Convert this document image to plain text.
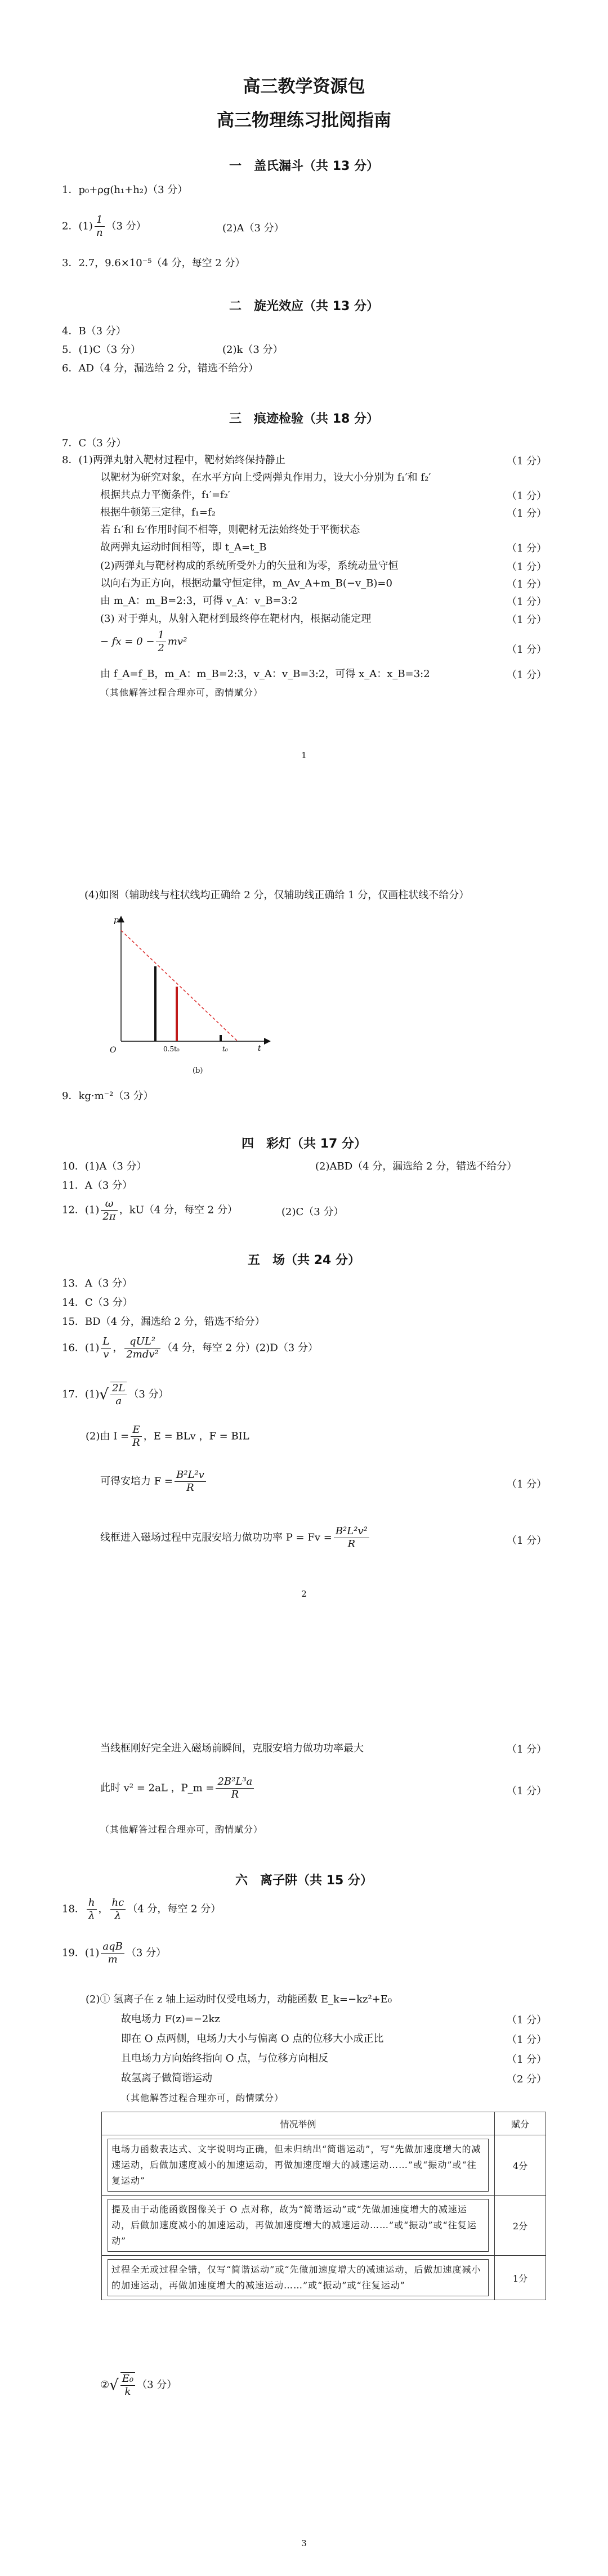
高三教学资源包
高三物理练习批阅指南
一　盖氏漏斗（共 13 分）
1．p₀+ρg(h₁+h₂)（3 分）
2．$(1) \frac{1}{n} (3$ 分）	(2)A（3 分）
3．2.7，9.6×10⁻⁵（4 分，每空 2 分）
二　旋光效应（共 13 分）
4．B（3 分）
5．(1)C（3 分）	(2)k（3 分）
6．AD（4 分，漏选给 2 分，错选不给分）
三　痕迹检验（共 18 分）
7．C（3 分）
8．(1)两弹丸射入靶材过程中，靶材始终保持静止	（1 分）
以靶材为研究对象，在水平方向上受两弹丸作用力，设大小分别为 f₁′和 f₂′
根据共点力平衡条件，f₁′=f₂′	（1 分）
根据牛顿第三定律，f₁=f₂	（1 分）
若 f₁′和 f₂′作用时间不相等，则靶材无法始终处于平衡状态
故两弹丸运动时间相等，即 t_A=t_B	（1 分）
(2)两弹丸与靶材构成的系统所受外力的矢量和为零，系统动量守恒	（1 分）
以向右为正方向，根据动量守恒定律，m_Av_A+m_B(−v_B)=0	（1 分）
由 m_A：m_B=2:3，可得 v_A：v_B=3:2	（1 分）
(3) 对于弹丸，从射入靶材到最终停在靶材内，根据动能定理	（1 分）
− fx = $0 - \frac{1}{2} mv^2$
（1 分）
由 f_A=f_B，m_A：m_B=2:3，v_A：v_B=3:2，可得 x_A：x_B=3:2	（1 分）
（其他解答过程合理亦可，酌情赋分）
1
(4)如图（辅助线与柱状线均正确给 2 分，仅辅助线正确给 1 分，仅画柱状线不给分）
p
O	t
0.5t₀	t₀
(b)
9．kg·m⁻²（3 分）
四　彩灯（共 17 分）
10．(1)A（3 分）	(2)ABD（4 分，漏选给 2 分，错选不给分）
11．A（3 分）
12．$(1) \frac{\omega}{2\pi}$ ，kU（4 分，每空 2 分）	(2)C（3 分）
五　场（共 24 分）
13．A（3 分）
14．C（3 分）
15．BD（4 分，漏选给 2 分，错选不给分）
16．$(1) \frac{L}{v}$ ， $\frac{\text{qUL²}}{\text{2mdv²}} (4$ 分，每空 2 分）(2)D（3 分）
17．$(1)√ \frac{2L}{a} (3$ 分）
(2)由 $I = \frac{E}{R}$ ，E = BLv ，F = BIL
可得安培力 $F = \frac{\text{B²L²v}}{R}$	（1 分）
线框进入磁场过程中克服安培力做功功率 $P = Fv = \frac{\text{B²L²v²}}{R}$	（1 分）
2
当线框刚好完全进入磁场前瞬间，克服安培力做功功率最大	（1 分）
此时 v² = 2aL ，P_m = $\frac{\text{2B²L³a}}{R}$	（1 分）
（其他解答过程合理亦可，酌情赋分）
六　离子阱（共 15 分）
18． $\frac{h}{\lambda}$ ， $\frac{hc}{\lambda} (4$ 分，每空 2 分）
19．$(1) \frac{\text{aqB}}{m} (3$ 分）
(2)① 氢离子在 z 轴上运动时仅受电场力，动能函数 E_k=−kz²+E₀
故电场力 F(z)=−2kz	（1 分）
即在 O 点两侧，电场力大小与偏离 O 点的位移大小成正比	（1 分）
且电场力方向始终指向 O 点，与位移方向相反	（1 分）
故氢离子做简谐运动	（2 分）
（其他解答过程合理亦可，酌情赋分）
情况举例	赋分

电场力函数表达式、文字说明均正确，但未归纳出“简谐运动”，写“先做加速度增大的减速运动，后做加速度减小的加速运动，再做加速度增大的减速运动……”或“振动”或“往复运动”	4分

提及由于动能函数图像关于 O 点对称，故为“简谐运动”或“先做加速度增大的减速运动，后做加速度减小的加速运动，再做加速度增大的减速运动……”或“振动”或“往复运动”	2分

过程全无或过程全错，仅写“简谐运动”或“先做加速度增大的减速运动，后做加速度减小的加速运动，再做加速度增大的减速运动……”或“振动”或“往复运动”	1分
②√ $\frac{\text{E₀}}{k} (3$ 分）
3
